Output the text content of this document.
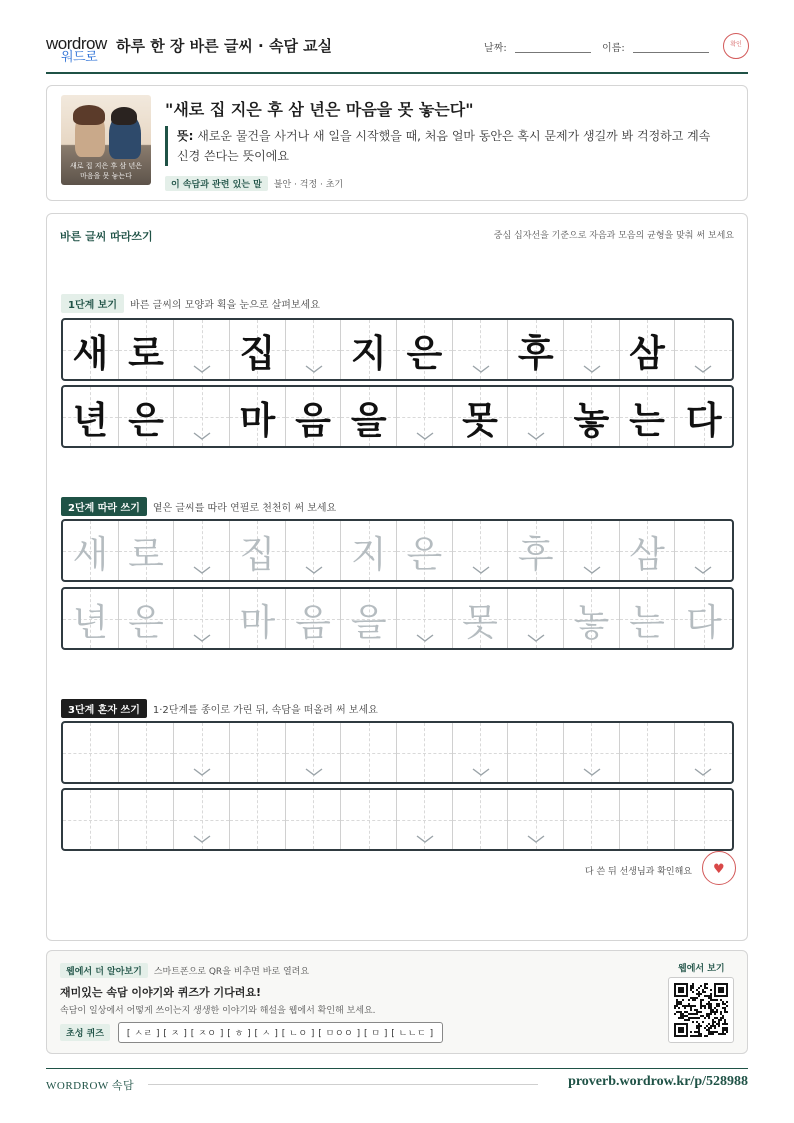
wordrow
워드로
하루 한 장 바른 글씨 · 속담 교실	날짜:	이름:	확인
새로 집 지은 후 삼 년은
마음을 못 놓는다
"새로 집 지은 후 삼 년은 마음을 못 놓는다"
뜻: 새로운 물건을 사거나 새 일을 시작했을 때, 처음 얼마 동안은 혹시 문제가 생길까 봐 걱정하고 계속 신경 쓴다는 뜻이에요
이 속담과 관련 있는 말 불안 · 걱정 · 초기
바른 글씨 따라쓰기	중심 십자선을 기준으로 자음과 모음의 균형을 맞춰 써 보세요
1단계 보기 바른 글씨의 모양과 획을 눈으로 살펴보세요
새 로 집 지 은 후 삼
년 은 마 음 을 못 놓 는 다
2단계 따라 쓰기 옅은 글씨를 따라 연필로 천천히 써 보세요
새 로 집 지 은 후 삼
년 은 마 음 을 못 놓 는 다
3단계 혼자 쓰기 1·2단계를 종이로 가린 뒤, 속담을 떠올려 써 보세요
다 쓴 뒤 선생님과 확인해요 ♥
웹에서 더 알아보기 스마트폰으로 QR을 비추면 바로 열려요
재미있는 속담 이야기와 퀴즈가 기다려요!
속담이 일상에서 어떻게 쓰이는지 생생한 이야기와 해설을 웹에서 확인해 보세요.
초성 퀴즈	[ ㅅㄹ ] [ ㅈ ] [ ㅈㅇ ] [ ㅎ ] [ ㅅ ] [ ㄴㅇ ] [ ㅁㅇㅇ ] [ ㅁ ] [ ㄴㄴㄷ ]
웹에서 보기
WORDROW 속담	proverb.wordrow.kr/p/528988
